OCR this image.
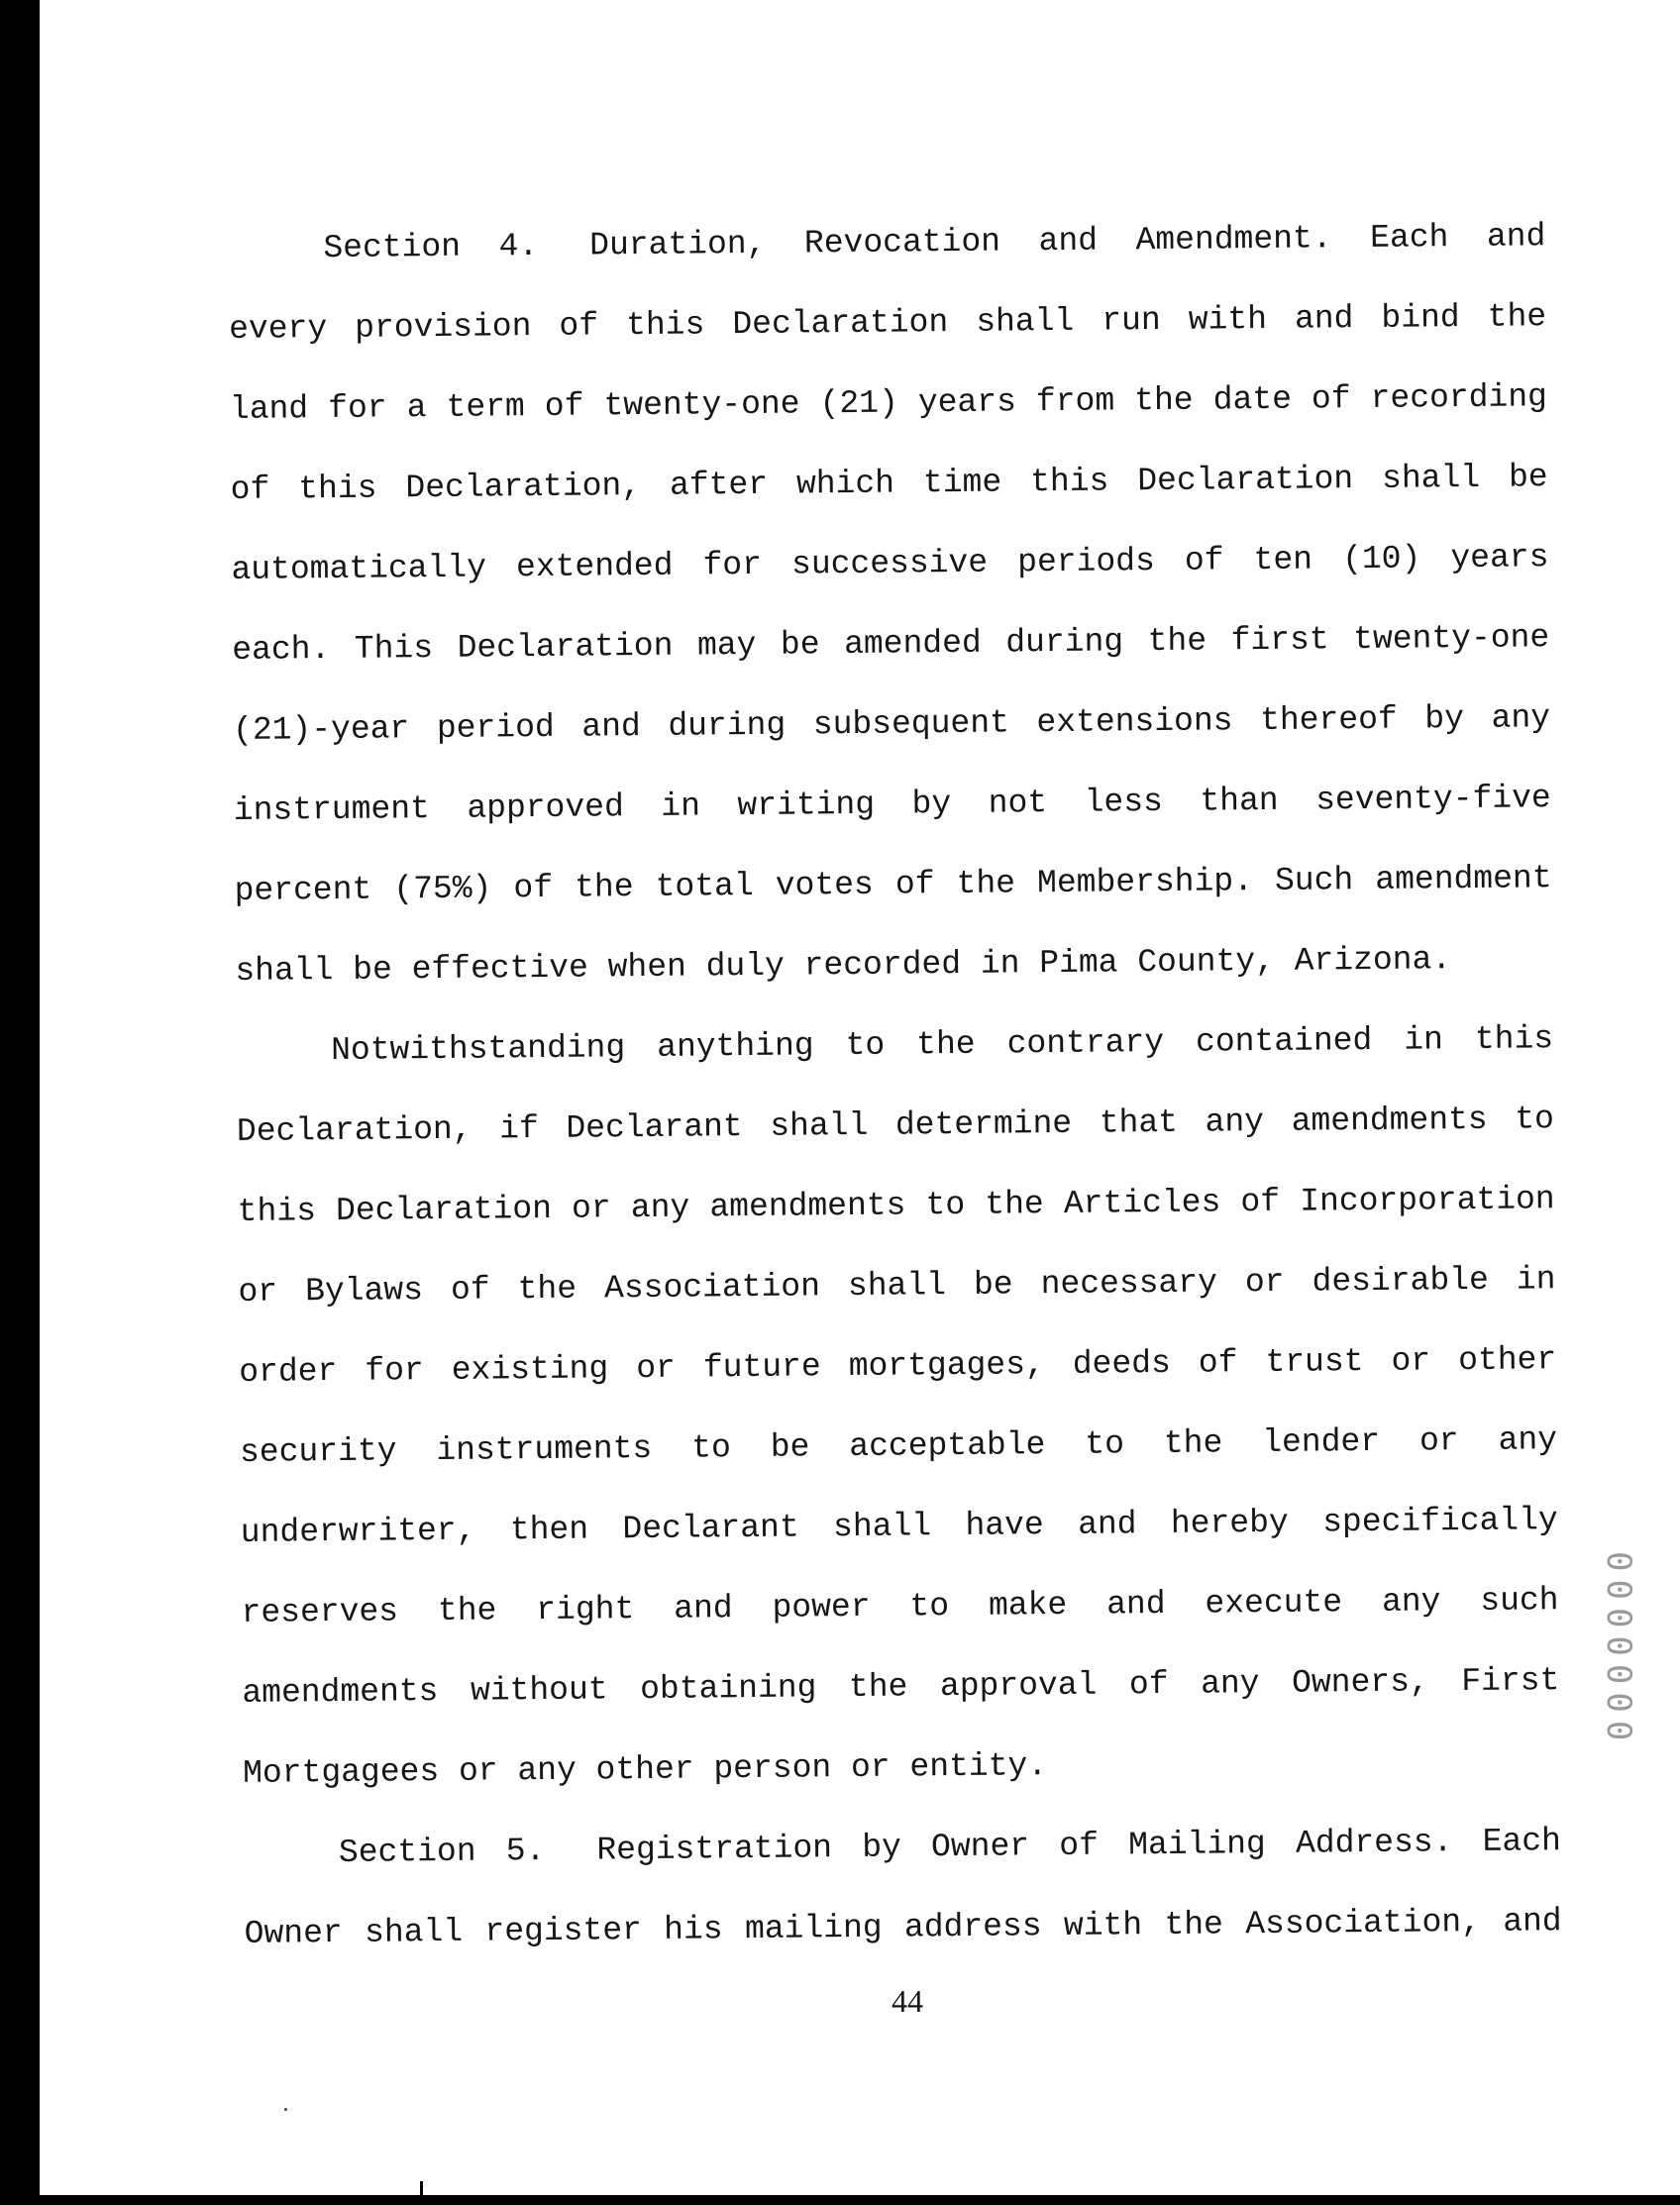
Section 4. Duration, Revocation and Amendment. Each and
every provision of this Declaration shall run with and bind the
land for a term of twenty-one (21) years from the date of recording
of this Declaration, after which time this Declaration shall be
automatically extended for successive periods of ten (10) years
each. This Declaration may be amended during the first twenty-one
(21)-year period and during subsequent extensions thereof by any
instrument approved in writing by not less than seventy-five
percent (75%) of the total votes of the Membership. Such amendment
shall be effective when duly recorded in Pima County, Arizona.
Notwithstanding anything to the contrary contained in this
Declaration, if Declarant shall determine that any amendments to
this Declaration or any amendments to the Articles of Incorporation
or Bylaws of the Association shall be necessary or desirable in
order for existing or future mortgages, deeds of trust or other
security instruments to be acceptable to the lender or any
underwriter, then Declarant shall have and hereby specifically
reserves the right and power to make and execute any such
amendments without obtaining the approval of any Owners, First
Mortgagees or any other person or entity.
Section 5. Registration by Owner of Mailing Address. Each
Owner shall register his mailing address with the Association, and
44
0000000
